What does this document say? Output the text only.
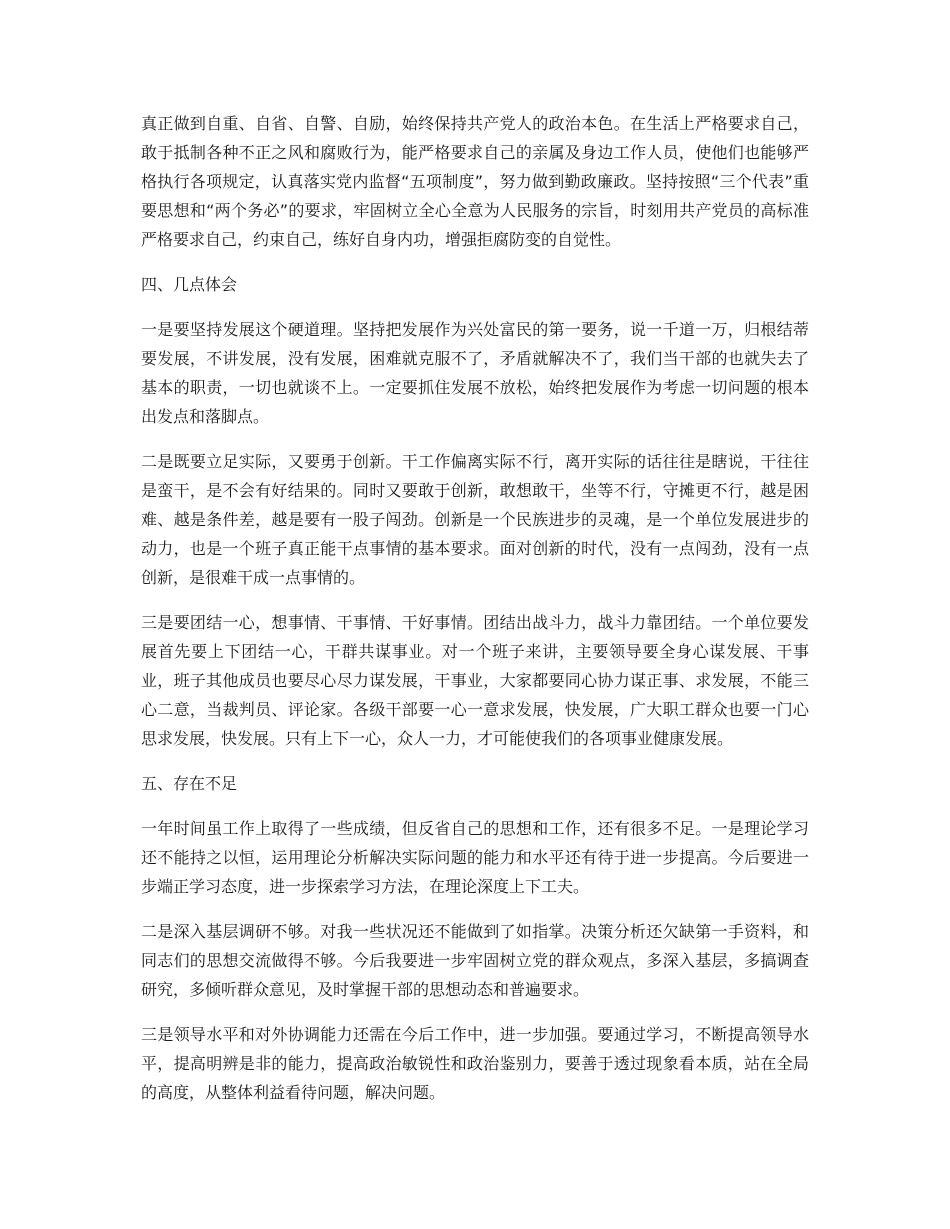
真正做到自重、自省、自警、自励，始终保持共产党人的政治本色。在生活上严格要求自己，敢于抵制各种不正之风和腐败行为，能严格要求自己的亲属及身边工作人员，使他们也能够严格执行各项规定，认真落实党内监督“五项制度”，努力做到勤政廉政。坚持按照“三个代表”重要思想和“两个务必”的要求，牢固树立全心全意为人民服务的宗旨，时刻用共产党员的高标准严格要求自己，约束自己，练好自身内功，增强拒腐防变的自觉性。

四、几点体会

一是要坚持发展这个硬道理。坚持把发展作为兴处富民的第一要务，说一千道一万，归根结蒂要发展，不讲发展，没有发展，困难就克服不了，矛盾就解决不了，我们当干部的也就失去了基本的职责，一切也就谈不上。一定要抓住发展不放松，始终把发展作为考虑一切问题的根本出发点和落脚点。

二是既要立足实际，又要勇于创新。干工作偏离实际不行，离开实际的话往往是瞎说，干往往是蛮干，是不会有好结果的。同时又要敢于创新，敢想敢干，坐等不行，守摊更不行，越是困难、越是条件差，越是要有一股子闯劲。创新是一个民族进步的灵魂，是一个单位发展进步的动力，也是一个班子真正能干点事情的基本要求。面对创新的时代，没有一点闯劲，没有一点创新，是很难干成一点事情的。

三是要团结一心，想事情、干事情、干好事情。团结出战斗力，战斗力靠团结。一个单位要发展首先要上下团结一心，干群共谋事业。对一个班子来讲，主要领导要全身心谋发展、干事业，班子其他成员也要尽心尽力谋发展，干事业，大家都要同心协力谋正事、求发展，不能三心二意，当裁判员、评论家。各级干部要一心一意求发展，快发展，广大职工群众也要一门心思求发展，快发展。只有上下一心，众人一力，才可能使我们的各项事业健康发展。

五、存在不足

一年时间虽工作上取得了一些成绩，但反省自己的思想和工作，还有很多不足。一是理论学习还不能持之以恒，运用理论分析解决实际问题的能力和水平还有待于进一步提高。今后要进一步端正学习态度，进一步探索学习方法，在理论深度上下工夫。

二是深入基层调研不够。对我一些状况还不能做到了如指掌。决策分析还欠缺第一手资料，和同志们的思想交流做得不够。今后我要进一步牢固树立党的群众观点，多深入基层，多搞调查研究，多倾听群众意见，及时掌握干部的思想动态和普遍要求。

三是领导水平和对外协调能力还需在今后工作中，进一步加强。要通过学习，不断提高领导水平，提高明辨是非的能力，提高政治敏锐性和政治鉴别力，要善于透过现象看本质，站在全局的高度，从整体利益看待问题，解决问题。
